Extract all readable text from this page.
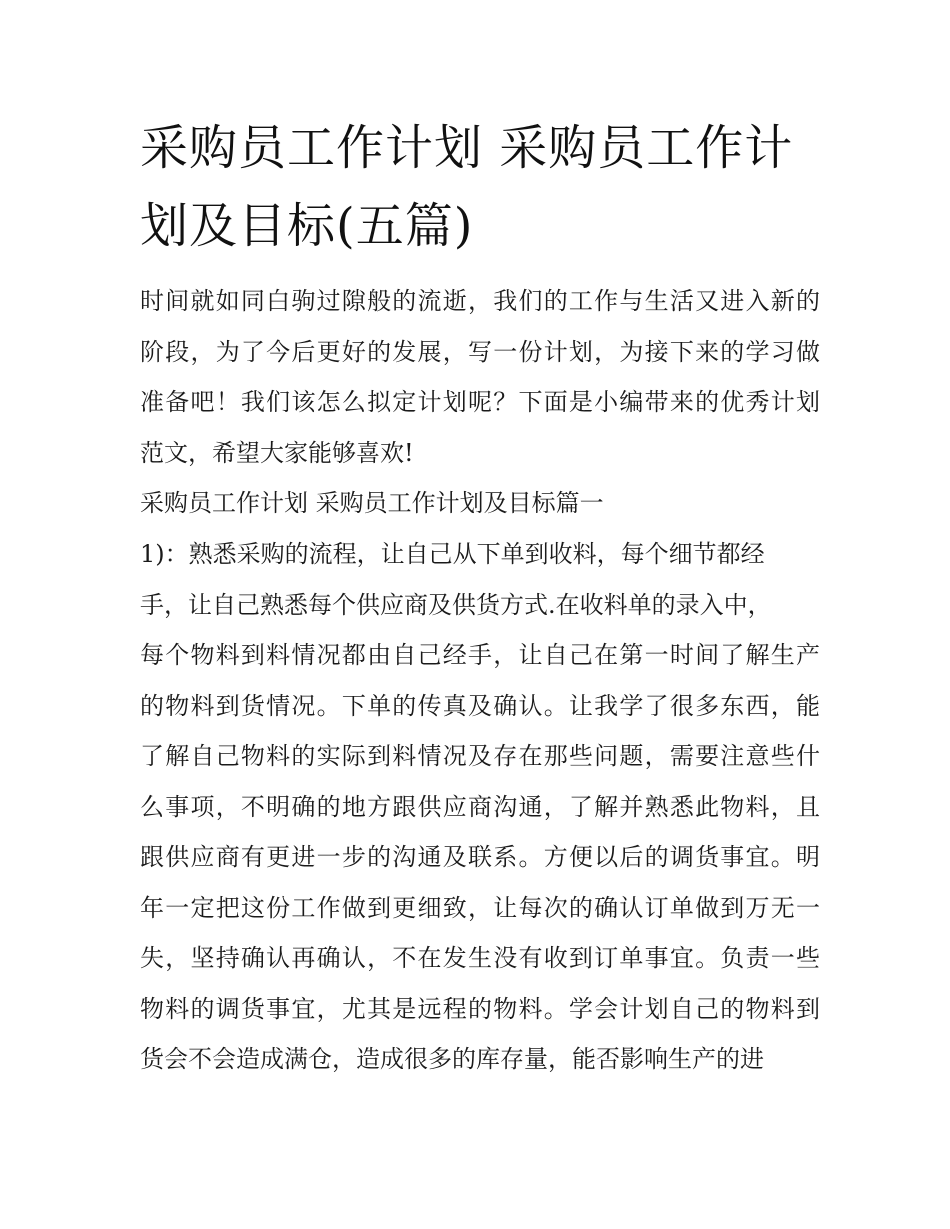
采购员工作计划 采购员工作计
划及目标(五篇)
时间就如同白驹过隙般的流逝，我们的工作与生活又进入新的
阶段，为了今后更好的发展，写一份计划，为接下来的学习做
准备吧！我们该怎么拟定计划呢？下面是小编带来的优秀计划
范文，希望大家能够喜欢!
采购员工作计划 采购员工作计划及目标篇一
1)：熟悉采购的流程，让自己从下单到收料，每个细节都经
手，让自己熟悉每个供应商及供货方式.在收料单的录入中，
每个物料到料情况都由自己经手，让自己在第一时间了解生产
的物料到货情况。下单的传真及确认。让我学了很多东西，能
了解自己物料的实际到料情况及存在那些问题，需要注意些什
么事项，不明确的地方跟供应商沟通，了解并熟悉此物料，且
跟供应商有更进一步的沟通及联系。方便以后的调货事宜。明
年一定把这份工作做到更细致，让每次的确认订单做到万无一
失，坚持确认再确认，不在发生没有收到订单事宜。负责一些
物料的调货事宜，尤其是远程的物料。学会计划自己的物料到
货会不会造成满仓，造成很多的库存量，能否影响生产的进
